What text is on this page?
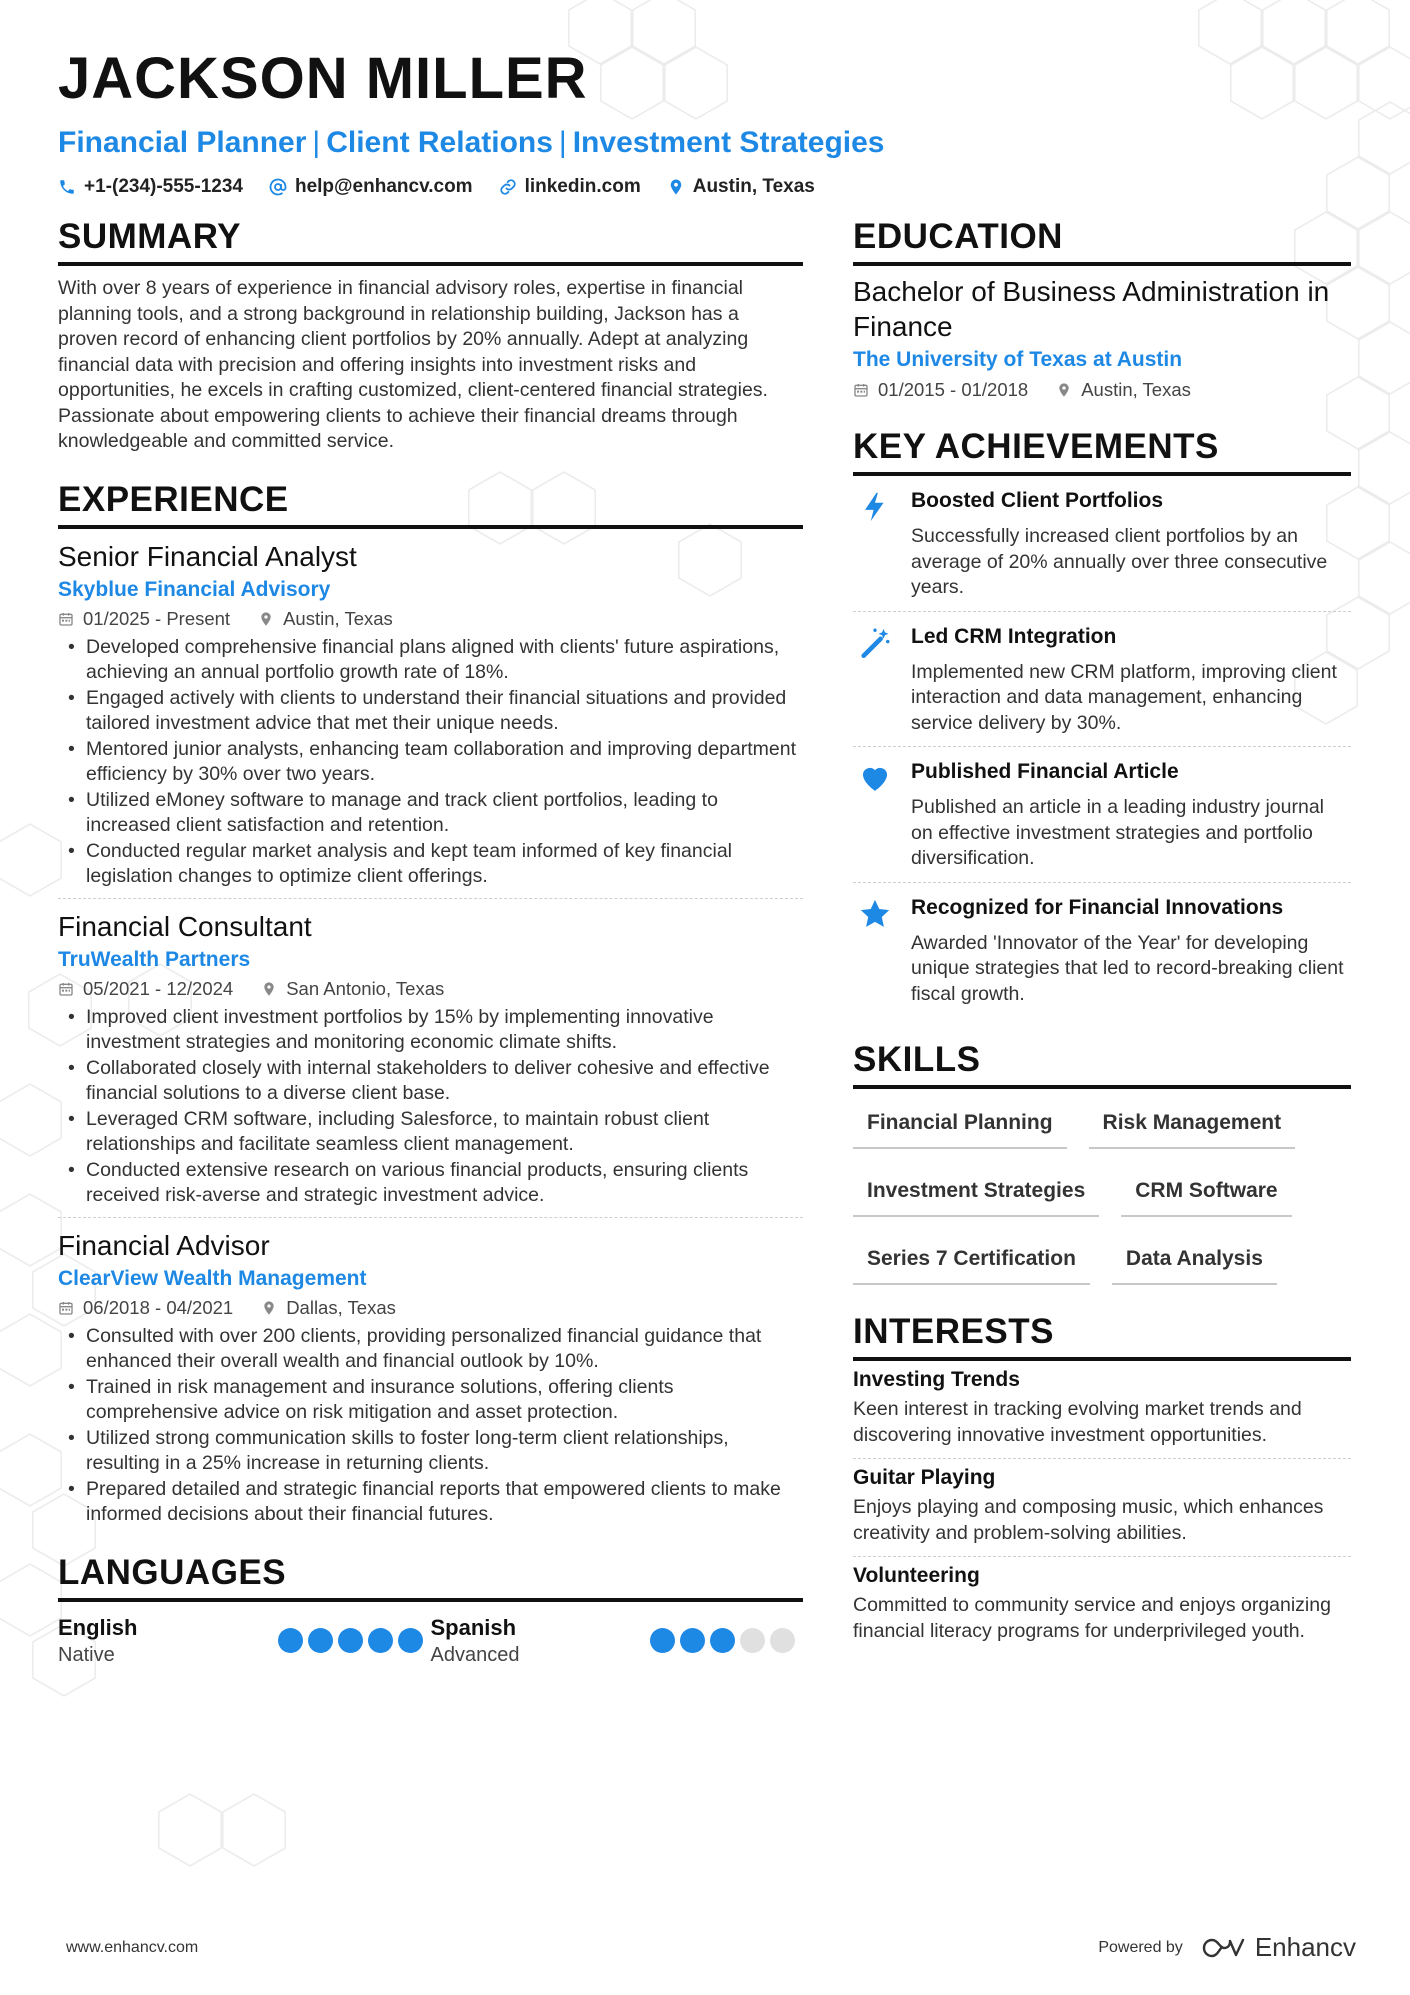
JACKSON MILLER
Financial Planner | Client Relations | Investment Strategies
+1-(234)-555-1234	help@enhancv.com	linkedin.com	Austin, Texas
SUMMARY
With over 8 years of experience in financial advisory roles, expertise in financial planning tools, and a strong background in relationship building, Jackson has a proven record of enhancing client portfolios by 20% annually. Adept at analyzing financial data with precision and offering insights into investment risks and opportunities, he excels in crafting customized, client-centered financial strategies. Passionate about empowering clients to achieve their financial dreams through knowledgeable and committed service.
EXPERIENCE
Senior Financial Analyst
Skyblue Financial Advisory
01/2025 - Present	Austin, Texas
• Developed comprehensive financial plans aligned with clients' future aspirations, achieving an annual portfolio growth rate of 18%.
• Engaged actively with clients to understand their financial situations and provided tailored investment advice that met their unique needs.
• Mentored junior analysts, enhancing team collaboration and improving department efficiency by 30% over two years.
• Utilized eMoney software to manage and track client portfolios, leading to increased client satisfaction and retention.
• Conducted regular market analysis and kept team informed of key financial legislation changes to optimize client offerings.
Financial Consultant
TruWealth Partners
05/2021 - 12/2024	San Antonio, Texas
• Improved client investment portfolios by 15% by implementing innovative investment strategies and monitoring economic climate shifts.
• Collaborated closely with internal stakeholders to deliver cohesive and effective financial solutions to a diverse client base.
• Leveraged CRM software, including Salesforce, to maintain robust client relationships and facilitate seamless client management.
• Conducted extensive research on various financial products, ensuring clients received risk-averse and strategic investment advice.
Financial Advisor
ClearView Wealth Management
06/2018 - 04/2021	Dallas, Texas
• Consulted with over 200 clients, providing personalized financial guidance that enhanced their overall wealth and financial outlook by 10%.
• Trained in risk management and insurance solutions, offering clients comprehensive advice on risk mitigation and asset protection.
• Utilized strong communication skills to foster long-term client relationships, resulting in a 25% increase in returning clients.
• Prepared detailed and strategic financial reports that empowered clients to make informed decisions about their financial futures.
LANGUAGES
English
Native
Spanish
Advanced
EDUCATION
Bachelor of Business Administration in Finance
The University of Texas at Austin
01/2015 - 01/2018	Austin, Texas
KEY ACHIEVEMENTS
Boosted Client Portfolios
Successfully increased client portfolios by an average of 20% annually over three consecutive years.
Led CRM Integration
Implemented new CRM platform, improving client interaction and data management, enhancing service delivery by 30%.
Published Financial Article
Published an article in a leading industry journal on effective investment strategies and portfolio diversification.
Recognized for Financial Innovations
Awarded 'Innovator of the Year' for developing unique strategies that led to record-breaking client fiscal growth.
SKILLS
Financial Planning	Risk Management
Investment Strategies	CRM Software
Series 7 Certification	Data Analysis
INTERESTS
Investing Trends
Keen interest in tracking evolving market trends and discovering innovative investment opportunities.
Guitar Playing
Enjoys playing and composing music, which enhances creativity and problem-solving abilities.
Volunteering
Committed to community service and enjoys organizing financial literacy programs for underprivileged youth.
www.enhancv.com	Powered by	Enhancv
